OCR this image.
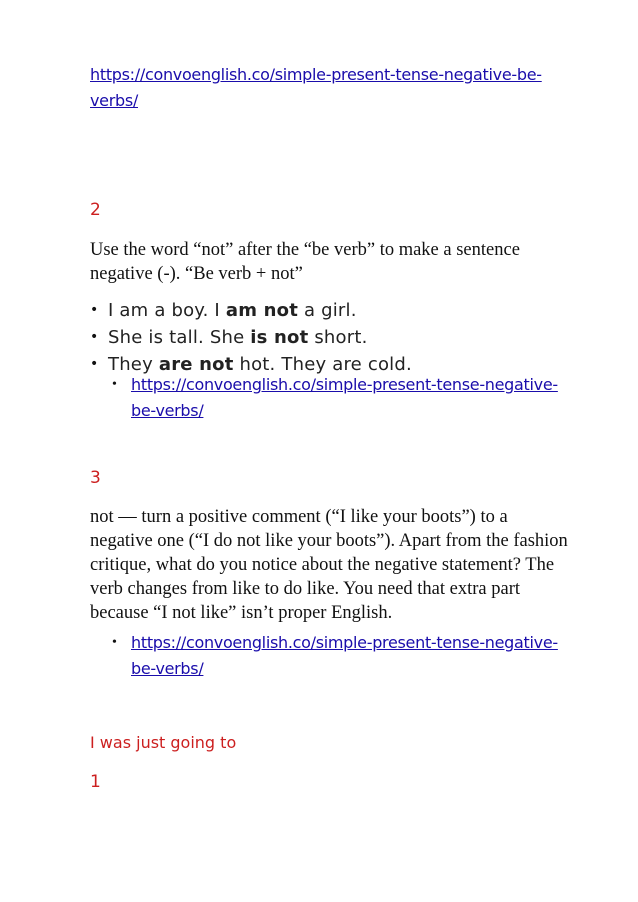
https://convoenglish.co/simple-present-tense-negative-be-
verbs/
2
Use the word “not” after the “be verb” to make a sentence
negative (-). “Be verb + not”
• I am a boy. I am not a girl.
• She is tall. She is not short.
• They are not hot. They are cold.
• https://convoenglish.co/simple-present-tense-negative-
be-verbs/
3
not — turn a positive comment (“I like your boots”) to a
negative one (“I do not like your boots”). Apart from the fashion
critique, what do you notice about the negative statement? The
verb changes from like to do like. You need that extra part
because “I not like” isn’t proper English.
• https://convoenglish.co/simple-present-tense-negative-
be-verbs/
I was just going to
1
